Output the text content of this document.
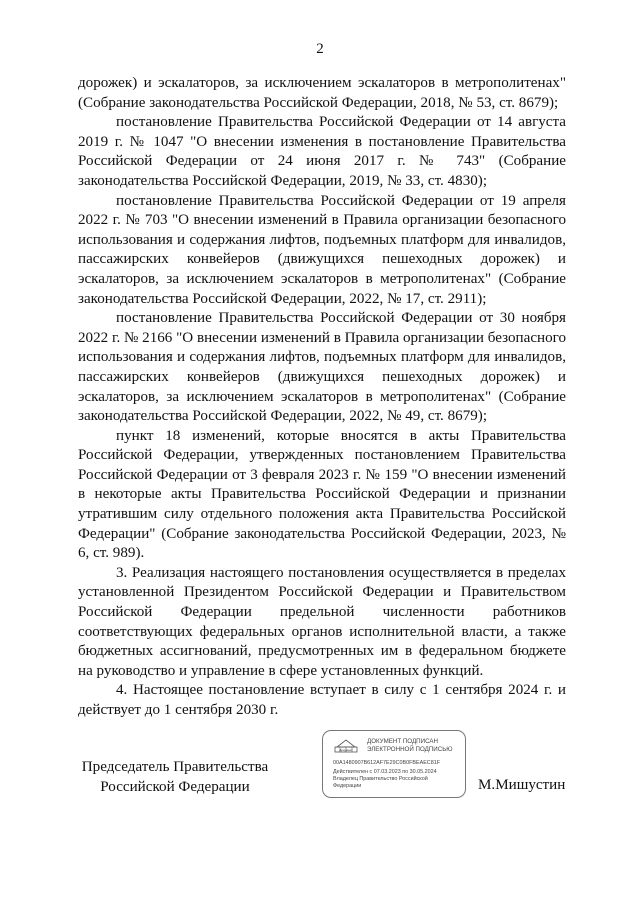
2

дорожек) и эскалаторов, за исключением эскалаторов в метрополитенах" (Собрание законодательства Российской Федерации, 2018, № 53, ст. 8679);

постановление Правительства Российской Федерации от 14 августа 2019 г. № 1047 "О внесении изменения в постановление Правительства Российской Федерации от 24 июня 2017 г. № 743" (Собрание законодательства Российской Федерации, 2019, № 33, ст. 4830);

постановление Правительства Российской Федерации от 19 апреля 2022 г. № 703 "О внесении изменений в Правила организации безопасного использования и содержания лифтов, подъемных платформ для инвалидов, пассажирских конвейеров (движущихся пешеходных дорожек) и эскалаторов, за исключением эскалаторов в метрополитенах" (Собрание законодательства Российской Федерации, 2022, № 17, ст. 2911);

постановление Правительства Российской Федерации от 30 ноября 2022 г. № 2166 "О внесении изменений в Правила организации безопасного использования и содержания лифтов, подъемных платформ для инвалидов, пассажирских конвейеров (движущихся пешеходных дорожек) и эскалаторов, за исключением эскалаторов в метрополитенах" (Собрание законодательства Российской Федерации, 2022, № 49, ст. 8679);

пункт 18 изменений, которые вносятся в акты Правительства Российской Федерации, утвержденных постановлением Правительства Российской Федерации от 3 февраля 2023 г. № 159 "О внесении изменений в некоторые акты Правительства Российской Федерации и признании утратившим силу отдельного положения акта Правительства Российской Федерации" (Собрание законодательства Российской Федерации, 2023, № 6, ст. 989).

3. Реализация настоящего постановления осуществляется в пределах установленной Президентом Российской Федерации и Правительством Российской Федерации предельной численности работников соответствующих федеральных органов исполнительной власти, а также бюджетных ассигнований, предусмотренных им в федеральном бюджете на руководство и управление в сфере установленных функций.

4. Настоящее постановление вступает в силу с 1 сентября 2024 г. и действует до 1 сентября 2030 г.

Председатель Правительства
Российской Федерации
Документ
ДОКУМЕНТ ПОДПИСАН ЭЛЕКТРОННОЙ ПОДПИСЬЮ
00A1480907B612AF7E29C0B0FBEAEC81F
Действителен с 07.03.2023 по 30.05.2024
Владелец Правительство Российской
Федерации	М.Мишустин
